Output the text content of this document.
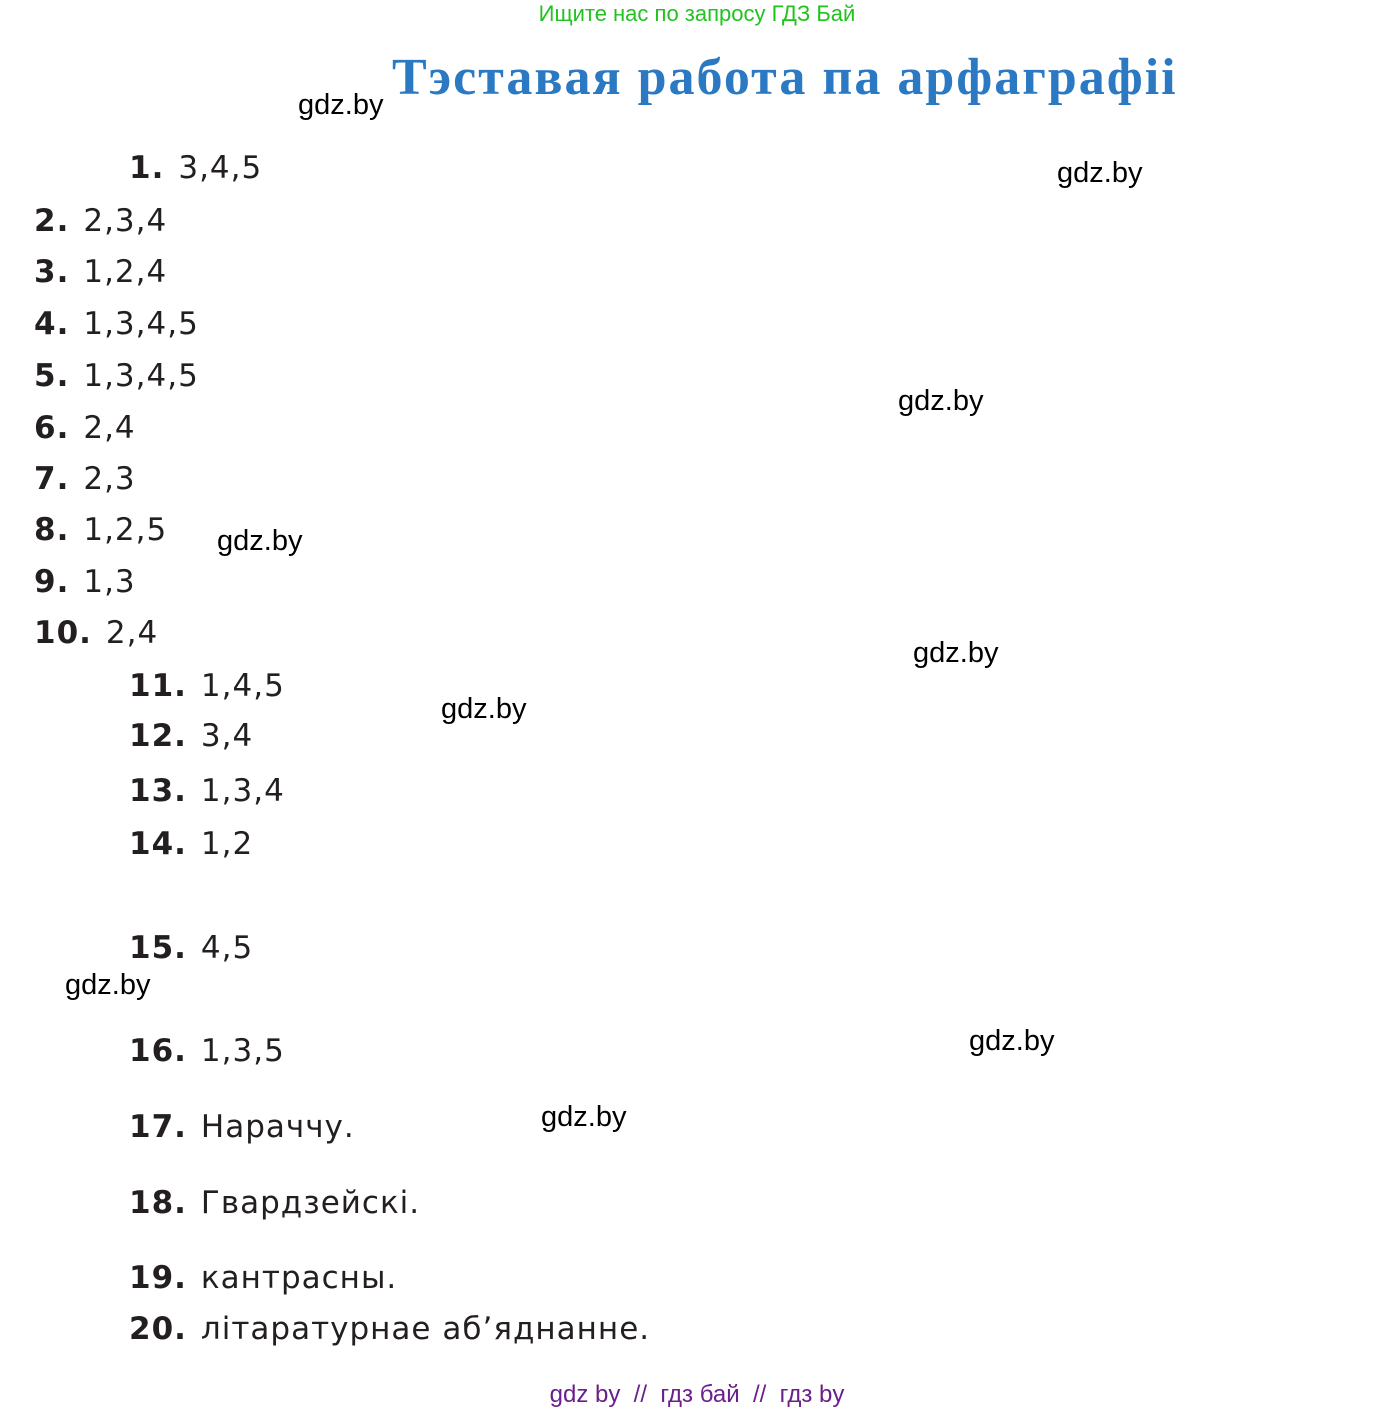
Ищите нас по запросу ГДЗ Бай
Тэставая работа па арфаграфіі
gdz.by
gdz.by
gdz.by
gdz.by
gdz.by
gdz.by
gdz.by
gdz.by
gdz.by
1. 3,4,5
2. 2,3,4
3. 1,2,4
4. 1,3,4,5
5. 1,3,4,5
6. 2,4
7. 2,3
8. 1,2,5
9. 1,3
10. 2,4
11. 1,4,5
12. 3,4
13. 1,3,4
14. 1,2
15. 4,5
16. 1,3,5
17. Нараччу.
18. Гвардзейскі.
19. кантрасны.
20. літаратурнае аб’яднанне.
gdz by  //  гдз бай  //  гдз by
